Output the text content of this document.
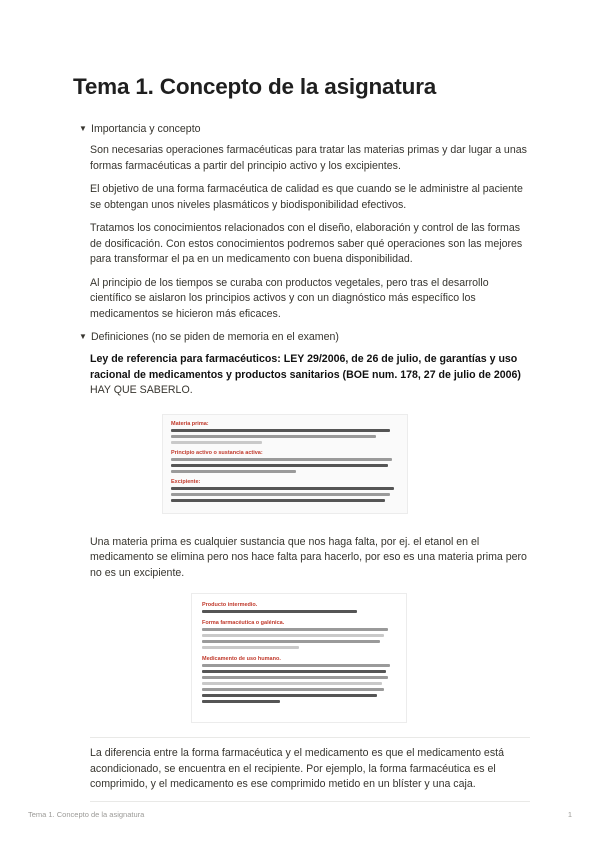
Tema 1. Concepto de la asignatura
▼ Importancia y concepto

Son necesarias operaciones farmacéuticas para tratar las materias primas y dar lugar a unas formas farmacéuticas a partir del principio activo y los excipientes.

El objetivo de una forma farmacéutica de calidad es que cuando se le administre al paciente se obtengan unos niveles plasmáticos y biodisponibilidad efectivos.

Tratamos los conocimientos relacionados con el diseño, elaboración y control de las formas de dosificación. Con estos conocimientos podremos saber qué operaciones son las mejores para transformar el pa en un medicamento con buena disponibilidad.

Al principio de los tiempos se curaba con productos vegetales, pero tras el desarrollo científico se aislaron los principios activos y con un diagnóstico más específico los medicamentos se hicieron más eficaces.

▼ Definiciones (no se piden de memoria en el examen)

Ley de referencia para farmacéuticos: LEY 29/2006, de 26 de julio, de garantías y uso racional de medicamentos y productos sanitarios (BOE num. 178, 27 de julio de 2006) HAY QUE SABERLO.

Materia prima:
Principio activo o sustancia activa:
Excipiente:

Una materia prima es cualquier sustancia que nos haga falta, por ej. el etanol en el medicamento se elimina pero nos hace falta para hacerlo, por eso es una materia prima pero no es un excipiente.

Producto intermedio.
Forma farmacéutica o galénica.
Medicamento de uso humano.

La diferencia entre la forma farmacéutica y el medicamento es que el medicamento está acondicionado, se encuentra en el recipiente. Por ejemplo, la forma farmacéutica es el comprimido, y el medicamento es ese comprimido metido en un blíster y una caja.

Tema 1. Concepto de la asignatura	1
